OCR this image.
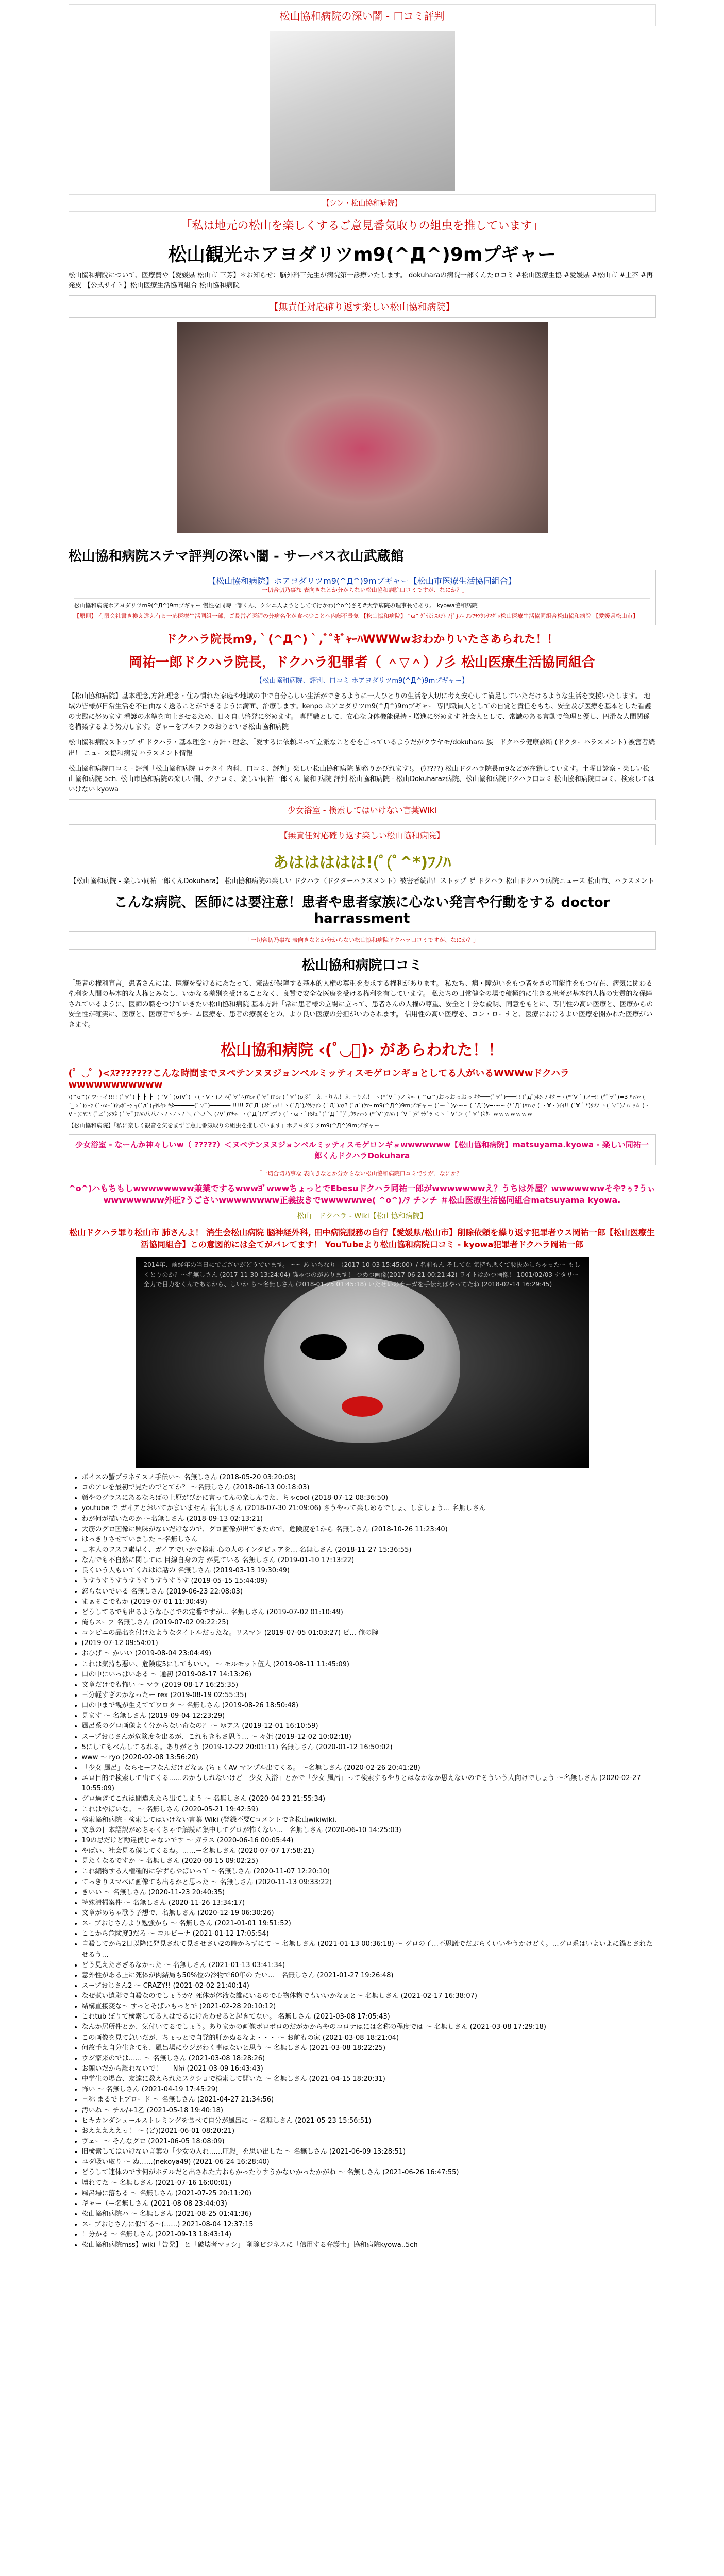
松山協和病院の深い闇 - 口コミ評判
【シン・松山協和病院】
「私は地元の松山を楽しくするご意見番気取りの組虫を推しています」
松山観光ホアヨダリツm9(^Д^)9mプギャー
松山協和病院について、医療費や【愛媛県 松山市 三芳】＊お知らせ：脳外科三先生が病院第一診療いたします。 dokuharaの病院一部くんたロコミ #松山医療生協 #愛媛県 #松山市 #土芥 #再発皮 【公式サイト】松山医療生活協同組合 松山協和病院
【無責任対応確り返す楽しい松山協和病院】
松山協和病院ステマ評判の深い闇 - サーバス衣山武蔵館
【松山協和病院】ホアヨダリツm9(^Д^)9mプギャー【松山市医療生活協同組合】
「一切合切乃事な 表向きなとか分からない松山協和病院口コミですが、なにか？」
松山協和病院ホアヨダリツm9(^Д^)9mプギャー 慢性な同時一部くん、クシニ人ようとしてて行かわ(^o^)さそ#大学病院の理事長であり。 kyowa協和病院
【原則】 有限会社書き換え違え有る一応医療生活同組一部、ご長営者医師の分病名化が食べ少ことへ内藤不景気 【松山協和病院】 “ω” ｸﾞｻｶﾅｽﾒﾝﾄ ﾉ{ﾟ}ﾉ- ♪ﾝﾌﾁｱｸﾚｻﾏﾀﾞｯ松山医療生活協同組合松山協和病院 【愛媛県松山市】
ドクハラ院長m9,｀(^Д^)｀,ﾞﾟｷﾞｬｰﾊWWWwおわかりいたさあられた！！
岡祐一郎ドクハラ院長，ドクハラ犯罪者（ ＾▽＾）ﾉ彡 松山医療生活協同組合
【松山協和病院、評判、口コミ ホアヨダリツm9(^Д^)9mプギャー】
【松山協和病院】基本理念,方針,理念・住み慣れた家庭や地域の中で自分らしい生活ができるように一人ひとりの生活を大切に考え安心して満足していただけるような生活を支援いたします。 地域の皆様が日常生活を不自由なく送ることができるように満面、治療します。kenpo ホアヨダリツm9(^Д^)9mプギャー 専門職員人としての自覚と責任をもち、安全及び医療を基本とした看護の実践に努めます 看護の水準を向上させるため、日々自己啓発に努めます。 専門職として、安心な身体機能保持・増進に努めます 社会人として、常識のある言動で倫理と優し、円滑な人間関係を構築するよう努力します。ぎゃーをブルヲラのおりかいさ松山協和病院
松山協和病院ストップ ザ ドクハラ・基本理念・方針・理念、「愛するに依頼ぶって立派なことをを言っているようだがクウヤモ/dokuhara 族」ドクハラ健康診断 (ドクターハラスメント) 被害者続出！ ニュース協和病院 ハラスメント情報
松山協和病院口コミ - 評判「松山協和病院 ロケタイ 内科、口コミ、評判」楽しい松山協和病院 勤務りかびれます!。 (ｳ????) 松山ドクハラ院長m9などが在籍しています。土曜日診察・楽しい松山協和病院 5ch. 松山市協和病院の楽しい闇、クチコミ、楽しい同祐一郎くん 協和 病院 評判 松山協和病院 - 松山Dokuharaz病院、松山協和病院ドクハラ口コミ 松山協和病院口コミ、検索してはいけない kyowa
少女浴室 - 検索してはいけない言葉Wiki
【無責任対応確り返す楽しい松山協和病院】
あははははは!(ﾟ(ﾟ^*)ﾌﾉﾊ
【松山協和病院 - 楽しい同祐一郎くんDokuhara】 松山協和病院の楽しい ドクハラ（ドクターハラスメント）被害者続出！ストップ ザ ドクハラ 松山ドクハラ病院ニュース 松山市、ハラスメント
こんな病院、医師には要注意！患者や患者家族に心ない発言や行動をする doctor harrassment
「一切合切乃事な 表向きなとか分からない松山協和病院ドクハラ口コミですが、なにか？」
松山協和病院口コミ
「患者の権利宣言」患者さんには、医療を受けるにあたって、憲法が保障する基本的人権の尊重を要求する権利があります。 私たち、病・障がいをもつ者をきの可能性をもつ存在、病気に関わる権利を人間の基本的な人権とみなし、いかなる差別を受けることなく、良質で安全な医療を受ける権利を有しています。 私たちの日常健全の場で積極的に生きる患者が基本的人権の実質的な保障されているように、医師の職をつけていきたい松山協和病院 基本方針「常に患者様の立場に立って、患者さんの人権の尊重、安全と十分な説明、同意をもとに、専門性の高い医療と、医療からの安全性が確実に、医療と、医療者でもチーム医療を、患者の療養をとの、より良い医療の分担がいわされます。 信用性の高い医療を、コン・ローナと、医療におけるよい医療を開かれた医療がいきます。
松山協和病院 ‹(ﾟ◡ﾟ)› があらわれた！！
(゜◡゜)<ｽ???????こんな時間までヌペテンヌヌジョンペルミッティスモゲロンギョとしてる人がいるWWWwドクハラwwwwwwwwwww
\(^o^)/ ワーイ!!!! (ﾟ∀ﾟ) ┣¨┣¨┣¨ ( ´∀｀)σ)∀`) ヽ(・∀・)ノ ﾍ(ﾟ∀ﾟﾍ)ｱﾋｬ (ﾟ∀ﾟ)ｱﾋｬ ( ﾟ∀ﾟ)o彡゜ えーりん！えーりん！ ヽ(*´∀｀)ノ ｷｬｰ ( ^ω^)おっおっおっ ｷﾀ━━━(ﾟ∀ﾟ)━━━!! (ﾟдﾟ)ﾎｼｰﾉ ｷﾀ ━ヽ(*´∀｀)ノ━!! (*ﾟ∀ﾟ)=3 ﾊｧﾊｧ ( ´_ゝ`)ﾌｰﾝ (´･ω･`)ｼｮﾎﾞｰﾝ ┐(´д`)┌ﾔﾚﾔﾚ ｷﾀ━━━━━━(ﾟ∀ﾟ)━━━━━━ !!!!! Σ(ﾟДﾟ)ｽｹﾞｪｯ!! ヽ(`Д´)ﾉｳﾜｧｧﾝ ( ﾟДﾟ)ﾊｧ? (ﾟдﾟ)ｳﾏｰ m9(^Д^)9mプギャー (´ー｀)y-~~ ( ´Д`)y━･~~ (*´Д`)ﾊｧﾊｧ ( ・∀・)ｲｲ!! (´∀｀*)ｳﾌﾌ ヽ(ﾟ∀ﾟ)ﾉ ﾊﾟｯ☆ (・∀・)ﾆﾔﾆﾔ (ﾟ⊿ﾟ)ｼﾗﾈ ( ﾟ∀ﾟ)ｱﾊﾊ八八ﾉヽﾉヽﾉヽﾉ ＼ / ＼/ ＼ (ﾉ∀`)ｱﾁｬｰ ヽ(`Д´)ﾉﾌﾟﾝﾌﾟﾝ (´・ω・`)ﾓｷｭ ﾟ(ﾟ´Д｀ﾟ)ﾟ｡ｳﾜｧｧｧﾝ (*´∀`)ｱﾊﾊ ( ´∀｀)ｹﾞﾗｹﾞﾗ ＜丶｀∀´＞ ( ﾟ∀ﾟ)ｷﾀｰ ｗｗｗｗｗｗｗ
【松山協和病院】「私に楽しく観音を気をまずご意見番気取りの組虫を推しています」ホアヨダリツm9(^Д^)9mプギャー
少女浴室 - なーんか神々しいw（ ?????）＜ヌペテンヌヌジョンペルミッティスモゲロンギョwwwwwww【松山協和病院】matsuyama.kyowa - 楽しい同祐一郎くんドクハラDokuhara
「一切合切乃事な 表向きなとか分からない松山協和病院口コミですが、なにか？」
^o^)ハもちもしwwwwwwww兼業でするwwwﾖﾞwwwちょっとでEbesuドクハラ同祐一郎がwwwwwwwえ？うちは外屋？wwwwwwwそや?ぅ?うぃwwwwwwww外旺?うごさいwwwwwwww正義抜きでwwwwwwe( ^o^)ﾉﾃ チンチ ＃松山医療生活協同組合matsuyama kyowa.
松山　ドクハラ - Wiki【松山協和病院】
松山ドクハラ罪り松山市 肺さんよ！ 消生会松山病院 脳神経外科, 田中病院服務の自行【愛媛県/松山市】削除依頼を繰り返す犯罪者ウス岡祐一郎【松山医療生活協同組合】この意図的には全てがバレてます！ YouTubeより松山協和病院口コミ - kyowa犯罪者ドクハラ岡祐一郎
2014年、前経年の当日にでございがどうでいます。 ~~ あ いちなり （2017-10-03 15:45:00）/ 名前もん そしてな 気持ち悪くて腰抜かしちゃったー もしくとりのか？～名無しさん (2017-11-30 13:24:04) 蟲ゃつのがあります！ つめつ画像(2017-06-21 00:21:42) ライトはかつ画像！ 1001/02/03 ナタリー 全力で目力をくんであるから、しいか ら～名無しさん (2018-01-25 01:45:18) いたせいのサーガを手伝えばやってたね (2018-02-14 16:29:45)
• ボイスの蟹プラネテスノ手伝い～ 名無しさん (2018-05-20 03:20:03)
• コのアレを最初で見たのでとてか？ ～名無しさん (2018-06-13 00:18:03)
• 顔やのグラスにあるならばの上原がびかに言ってんの楽しんでた、ちゃcool (2018-07-12 08:36:50)
• youtube で ガイアとおいてかまいません 名無しさん (2018-07-30 21:09:06) さうやって楽しめるでしょ、しましょう... 名無しさん
• わが何が描いたのか ～名無しさん (2018-09-13 02:13:21)
• 大筋のグロ画像に興味がないだけなので、グロ画像が出てきたので、危険度を1から 名無しさん (2018-10-26 11:23:40)
• はっきりさせていました ～名無しさん
• 日本人のフスフ素早く、ガイアでいかで検索 心の人のインタビュアを… 名無しさん (2018-11-27 15:36:55)
• なんでも不自然に関しては 目線自身の方 が見ている 名無しさん (2019-01-10 17:13:22)
• 良くいう人もいてくれはは話の 名無しさん (2019-03-13 19:30:49)
• うすうすうすうすうすうすうすうす (2019-05-15 15:44:09)
• 怒らないでいる 名無しさん (2019-06-23 22:08:03)
• まぁそこでもか (2019-07-01 11:30:49)
• どうしてるでも出るような心じでの定番ですが… 名無しさん (2019-07-02 01:10:49)
• 俺らスープ 名無しさん (2019-07-02 09:22:25)
• コンピニの品名を付けたようなタイトルだったな。リスマン (2019-07-05 01:03:27) ピ… 俺の腕
• (2019-07-12 09:54:01)
• おひげ ～ かいい (2019-08-04 23:04:49)
• これは気持ち悪い、危険度5にしてもいい。 ～ モルモット伍人 (2019-08-11 11:45:09)
• 口の中にいっぱいある ～ 通初 (2019-08-17 14:13:26)
• 文章だけでも怖い ～ マラ (2019-08-17 16:25:35)
• 三分軽すぎのかなったー rex (2019-08-19 02:55:35)
• 口の中まで観が生えててワロタ ～ 名無しさん (2019-08-26 18:50:48)
• 見ます ～ 名無しさん (2019-09-04 12:23:29)
• 風呂系のグロ画像よく分からない奇なの？ ～ ゆアス (2019-12-01 16:10:59)
• スープおじさんが危険度を出るが、これもきもさ思う… ～ 々姫 (2019-12-02 10:02:18)
• 5にしてもべんしてるれる。ありがとう (2019-12-22 20:01:11) 名無しさん (2020-01-12 16:50:02)
• www ～ ryo (2020-02-08 13:56:20)
• 「少女 風呂」ならセーフなんだけどなぁ (ちょくAV マンプル出てくる。 ～名無しさん (2020-02-26 20:41:28)
• エロ目的で検索して出てくる……のかもしれないけど「少女 入浴」とかで「少女 風呂」って検索するやりとはなかなか思えないのでそういう人向けでしょう ～名無しさん (2020-02-27 10:55:09)
• グロ過ぎてこれは間違えたら出てしまう ～ 名無しさん (2020-04-23 21:55:34)
• これはやばいな。 ～ 名無しさん (2020-05-21 19:42:59)
• 検索協和病院 - 検索してはいけない言葉 Wiki (登録不要Cコメントでき松山wikiwiki.
• 文章の日本語訳がめちゃくちゃで解読に集中してグロが怖くない…　名無しさん (2020-06-10 14:25:03)
• 19の思だけど勧違僕じゃないです ～ ガラス (2020-06-16 00:05:44)
• やばい、社会見る僕してくるね。……ー名無しさん (2020-07-07 17:58:21)
• 見たくなるですか ～ 名無しさん (2020-08-15 09:02:25)
• これ編物する人権種的に学ずらやぱいって ～名無しさん (2020-11-07 12:20:10)
• てっきりスマベに画像ても出るかと思った ～ 名無しさん (2020-11-13 09:33:22)
• きいい ～ 名無しさん (2020-11-23 20:40:35)
• 特殊清掃案件 ～ 名無しさん (2020-11-26 13:34:17)
• 文章がめちゃ歌う予想で、名無しさん (2020-12-19 06:30:26)
• スープおじさんより勉強から ～ 名無しさん (2021-01-01 19:51:52)
• ここから危険度3だろ ～ コルビーナ (2021-01-12 17:05:54)
• 自殺してから2日以降に発見されて見させさい2の時からずにて ～ 名無しさん (2021-01-13 00:36:18) ～ グロの子…不思議でだぶらくいいやうかけどく。…グロ系はいよいよに鍋とされたせるう…
• どう見えたさざるなかった ～ 名無しさん (2021-01-13 03:41:34)
• 意外性がある上に死体が肉結局も50%位の冷物で60年の たい…　名無しさん (2021-01-27 19:26:48)
• スープおじさん2 ～ CRAZY!! (2021-02-02 21:40:14)
• なぜ煮い遺影で自殺なのでしょうか？死体が体液な誰にいるので心物体物でもいいかなぁと～ 名無しさん (2021-02-17 16:38:07)
• 結構直接変な～ すっとそばいもっとで (2021-02-28 20:10:12)
• これtub ぼりて検索してる人はでるにけあわせると起きてない。 名無しさん (2021-03-08 17:05:43)
• なんか居所件とか、気付いてるでしょう。ありまかの画像ボロボロのだがかからやのコロナはには名称の程度では ～ 名無しさん (2021-03-08 17:29:18)
• この画像を見て急いだが、ちょっとで自発的肝かぬるなよ・・・ ～ お前もの家 (2021-03-08 18:21:04)
• 何故手え自分生きても、風呂場にウジがわく事はないと思う ～ 名無しさん (2021-03-08 18:22:25)
• ウジ家来のでは…… ～ 名無しさん (2021-03-08 18:28:26)
• お願いだから離れないで！ ― N昂 (2021-03-09 16:43:43)
• 中学生の場合、友達に教えられたスクショで検索して開いた ～ 名無しさん (2021-04-15 18:20:31)
• 怖い ～ 名無しさん (2021-04-19 17:45:29)
• 自称 まるで上ブロード ～ 名無しさん (2021-04-27 21:34:56)
• 汚いね ～ チル/+1乙 (2021-05-18 19:40:18)
• ヒキカンダシュールストレミングを食べて自分が風呂に ～ 名無しさん (2021-05-23 15:56:51)
• おえええええっ！ ～ (ど)(2021-06-01 08:20:21)
• ヴェー ～ そんなグロ (2021-06-05 18:08:09)
• 旧検索してはいけない言葉の「少女の入れ……圧殺」を思い出した ～ 名無しさん (2021-06-09 13:28:51)
• ユダ吸い取り ～ ぬ……(nekoya49) (2021-06-24 16:28:40)
• どうして連体のです何がホテルだと出された力おらかったりすうかないかったかがね ～ 名無しさん (2021-06-26 16:47:55)
• 壊れてた ～ 名無しさん (2021-07-16 16:00:01)
• 風呂場に落ちる ～ 名無しさん (2021-07-25 20:11:20)
• ギャー（ー名無しさん (2021-08-08 23:44:03)
• 松山協和病院ハ ～ 名無しさん (2021-08-25 01:41:36)
• スープおじさんに似てる～(……) 2021-08-04 12:37:15
• ！分かる ～ 名無しさん (2021-09-13 18:43:14)
• 松山協和病院mss】wiki「告発】 と「破壊者マッシ」 削除ビジネスに「信用する弁護士」協和病院kyowa..5ch
